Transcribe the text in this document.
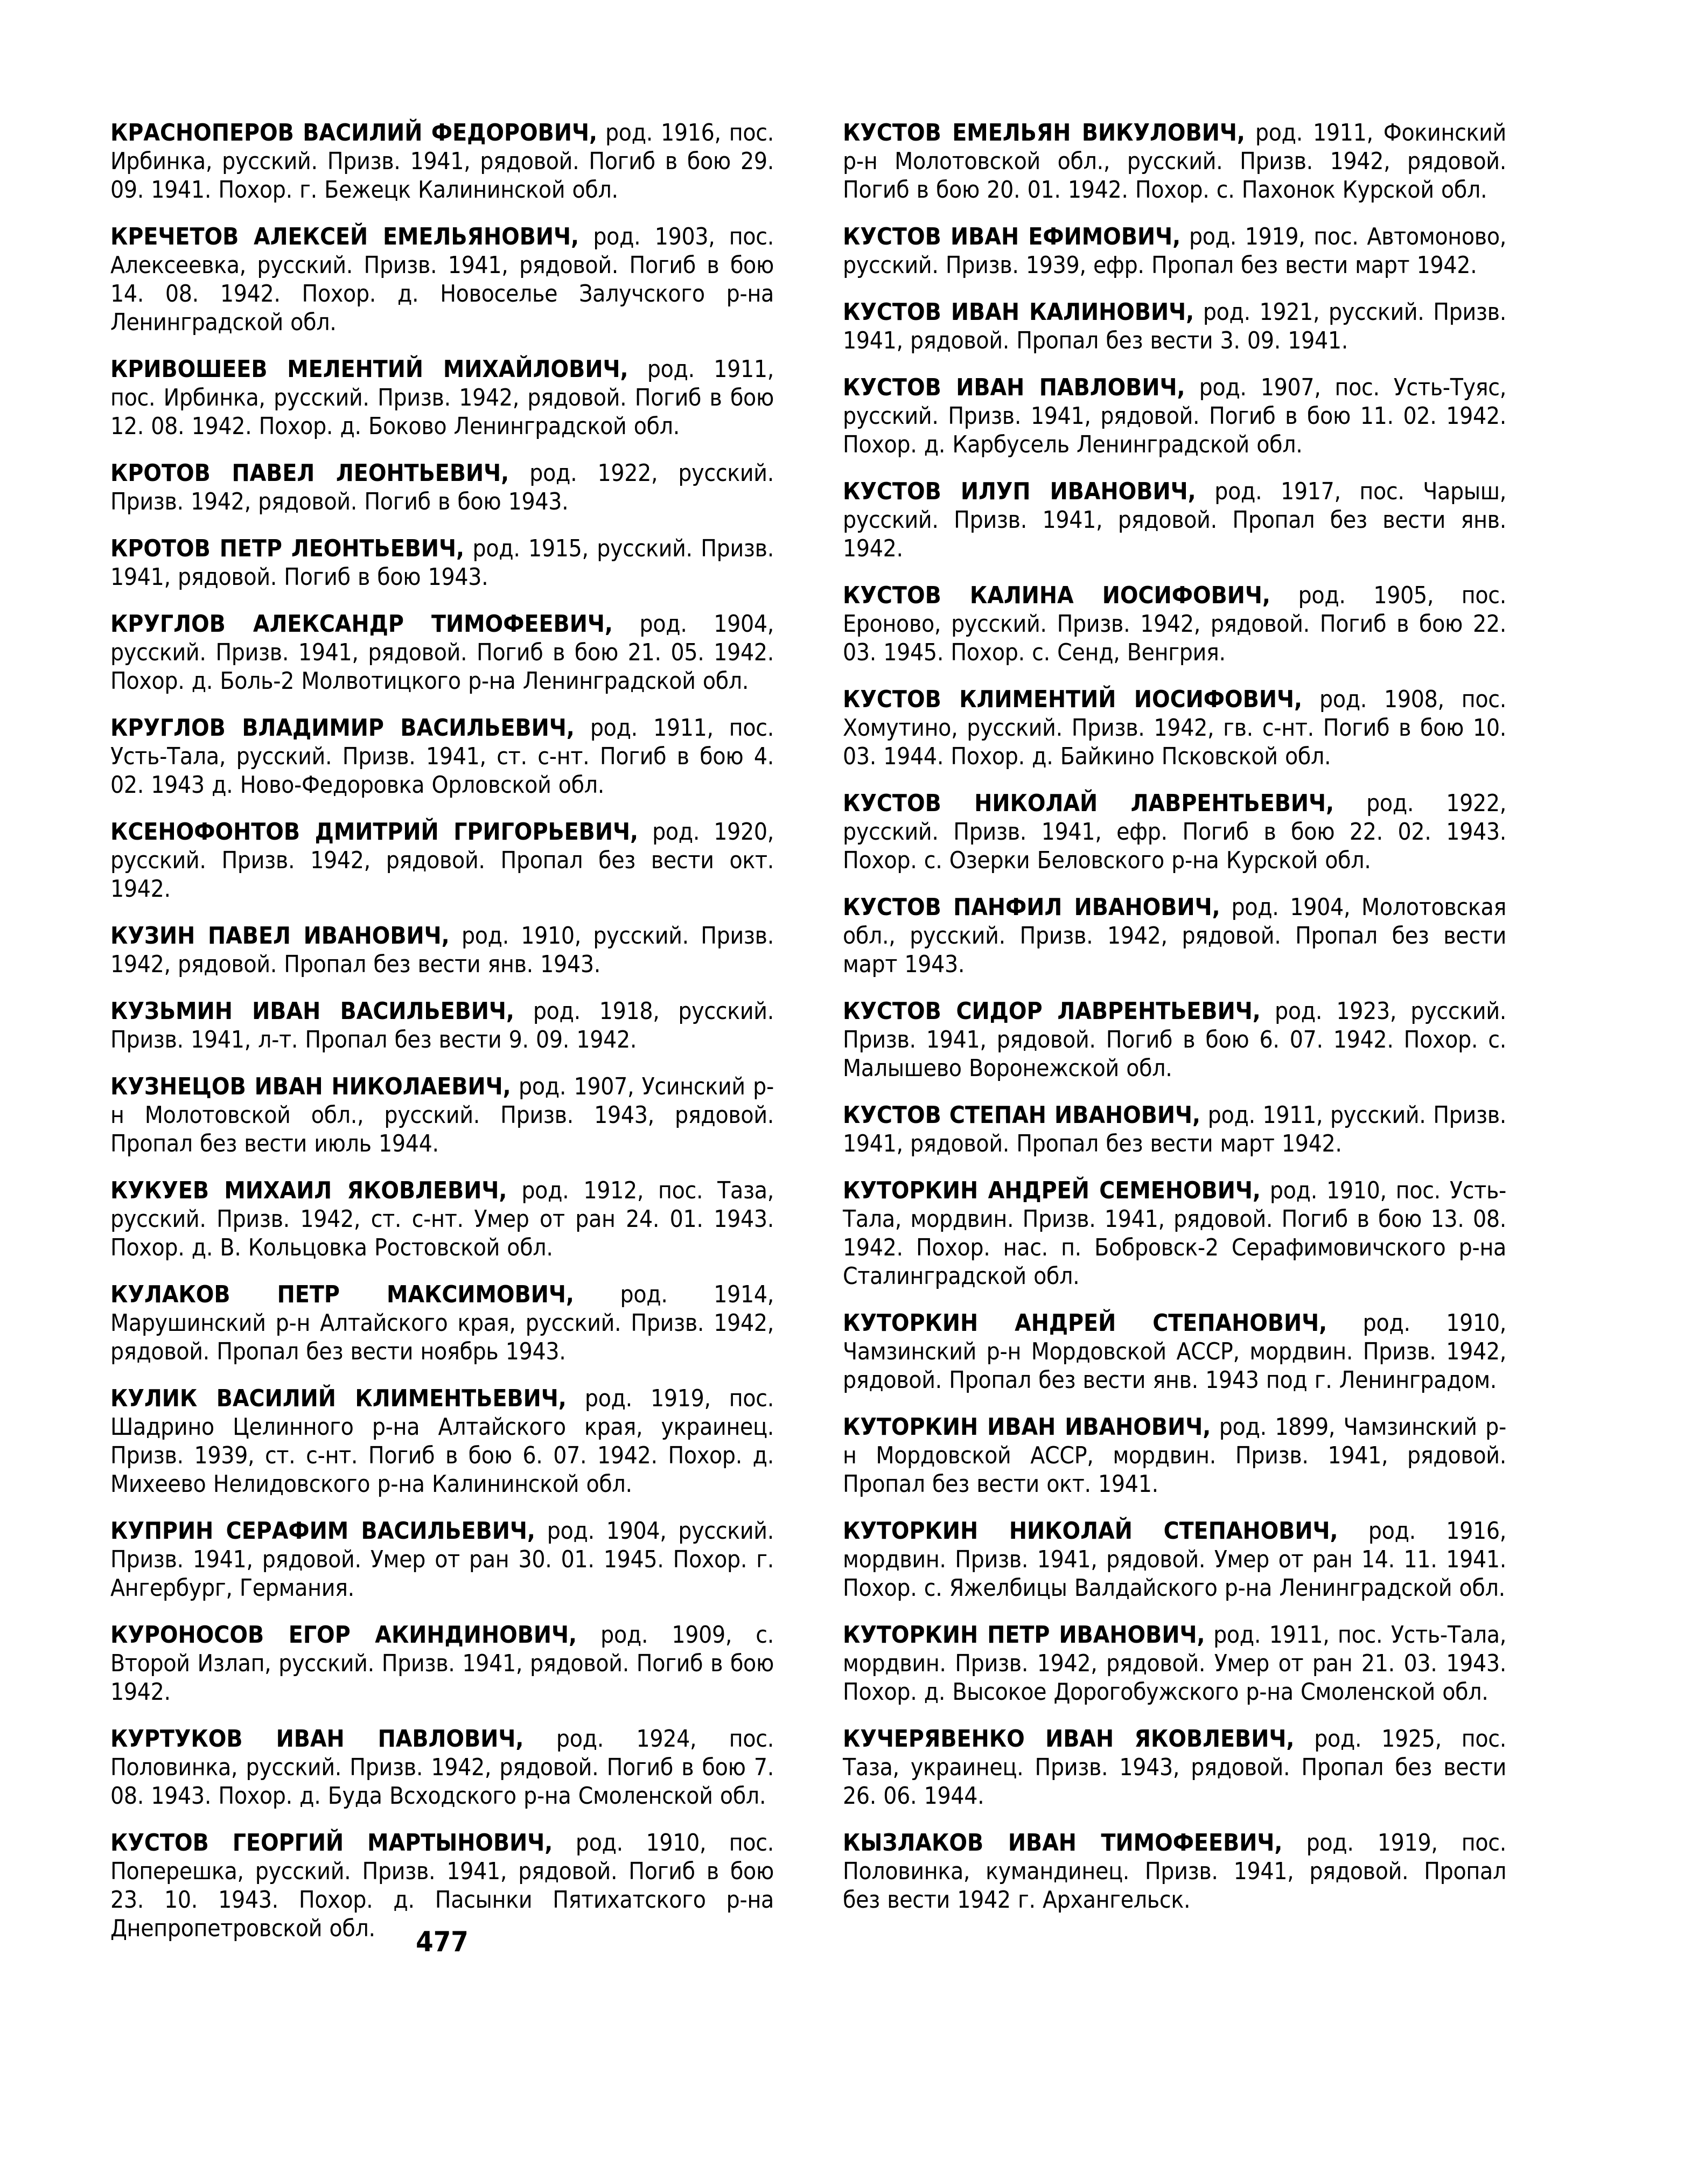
КРАСНОПЕРОВ ВАСИЛИЙ ФЕДОРОВИЧ, род. 1916, пос. Ирбинка, русский. Призв. 1941, рядовой. Погиб в бою 29. 09. 1941. Похор. г. Бежецк Калининской обл.

КРЕЧЕТОВ АЛЕКСЕЙ ЕМЕЛЬЯНОВИЧ, род. 1903, пос. Алексеевка, русский. Призв. 1941, рядовой. Погиб в бою 14. 08. 1942. Похор. д. Новоселье Залучского р-на Ленинградской обл.

КРИВОШЕЕВ МЕЛЕНТИЙ МИХАЙЛОВИЧ, род. 1911, пос. Ирбинка, русский. Призв. 1942, рядовой. Погиб в бою 12. 08. 1942. Похор. д. Боково Ленинградской обл.

КРОТОВ ПАВЕЛ ЛЕОНТЬЕВИЧ, род. 1922, русский. Призв. 1942, рядовой. Погиб в бою 1943.

КРОТОВ ПЕТР ЛЕОНТЬЕВИЧ, род. 1915, русский. Призв. 1941, рядовой. Погиб в бою 1943.

КРУГЛОВ АЛЕКСАНДР ТИМОФЕЕВИЧ, род. 1904, русский. Призв. 1941, рядовой. Погиб в бою 21. 05. 1942. Похор. д. Боль-2 Молвотицкого р-на Ленинградской обл.

КРУГЛОВ ВЛАДИМИР ВАСИЛЬЕВИЧ, род. 1911, пос. Усть-Тала, русский. Призв. 1941, ст. с-нт. Погиб в бою 4. 02. 1943 д. Ново-Федоровка Орловской обл.

КСЕНОФОНТОВ ДМИТРИЙ ГРИГОРЬЕВИЧ, род. 1920, русский. Призв. 1942, рядовой. Пропал без вести окт. 1942.

КУЗИН ПАВЕЛ ИВАНОВИЧ, род. 1910, русский. Призв. 1942, рядовой. Пропал без вести янв. 1943.

КУЗЬМИН ИВАН ВАСИЛЬЕВИЧ, род. 1918, русский. Призв. 1941, л-т. Пропал без вести 9. 09. 1942.

КУЗНЕЦОВ ИВАН НИКОЛАЕВИЧ, род. 1907, Усинский р-н Молотовской обл., русский. Призв. 1943, рядовой. Пропал без вести июль 1944.

КУКУЕВ МИХАИЛ ЯКОВЛЕВИЧ, род. 1912, пос. Таза, русский. Призв. 1942, ст. с-нт. Умер от ран 24. 01. 1943. Похор. д. В. Кольцовка Ростовской обл.

КУЛАКОВ ПЕТР МАКСИМОВИЧ, род. 1914, Марушинский р-н Алтайского края, русский. Призв. 1942, рядовой. Пропал без вести ноябрь 1943.

КУЛИК ВАСИЛИЙ КЛИМЕНТЬЕВИЧ, род. 1919, пос. Шадрино Целинного р-на Алтайского края, украинец. Призв. 1939, ст. с-нт. Погиб в бою 6. 07. 1942. Похор. д. Михеево Нелидовского р-на Калининской обл.

КУПРИН СЕРАФИМ ВАСИЛЬЕВИЧ, род. 1904, русский. Призв. 1941, рядовой. Умер от ран 30. 01. 1945. Похор. г. Ангербург, Германия.

КУРОНОСОВ ЕГОР АКИНДИНОВИЧ, род. 1909, с. Второй Излап, русский. Призв. 1941, рядовой. Погиб в бою 1942.

КУРТУКОВ ИВАН ПАВЛОВИЧ, род. 1924, пос. Половинка, русский. Призв. 1942, рядовой. Погиб в бою 7. 08. 1943. Похор. д. Буда Всходского р-на Смоленской обл.

КУСТОВ ГЕОРГИЙ МАРТЫНОВИЧ, род. 1910, пос. Поперешка, русский. Призв. 1941, рядовой. Погиб в бою 23. 10. 1943. Похор. д. Пасынки Пятихатского р-на Днепропетровской обл.

КУСТОВ ЕМЕЛЬЯН ВИКУЛОВИЧ, род. 1911, Фокинский р-н Молотовской обл., русский. Призв. 1942, рядовой. Погиб в бою 20. 01. 1942. Похор. с. Пахонок Курской обл.

КУСТОВ ИВАН ЕФИМОВИЧ, род. 1919, пос. Автомоново, русский. Призв. 1939, ефр. Пропал без вести март 1942.

КУСТОВ ИВАН КАЛИНОВИЧ, род. 1921, русский. Призв. 1941, рядовой. Пропал без вести 3. 09. 1941.

КУСТОВ ИВАН ПАВЛОВИЧ, род. 1907, пос. Усть-Туяс, русский. Призв. 1941, рядовой. Погиб в бою 11. 02. 1942. Похор. д. Карбусель Ленинградской обл.

КУСТОВ ИЛУП ИВАНОВИЧ, род. 1917, пос. Чарыш, русский. Призв. 1941, рядовой. Пропал без вести янв. 1942.

КУСТОВ КАЛИНА ИОСИФОВИЧ, род. 1905, пос. Ероново, русский. Призв. 1942, рядовой. Погиб в бою 22. 03. 1945. Похор. с. Сенд, Венгрия.

КУСТОВ КЛИМЕНТИЙ ИОСИФОВИЧ, род. 1908, пос. Хомутино, русский. Призв. 1942, гв. с-нт. Погиб в бою 10. 03. 1944. Похор. д. Байкино Псковской обл.

КУСТОВ НИКОЛАЙ ЛАВРЕНТЬЕВИЧ, род. 1922, русский. Призв. 1941, ефр. Погиб в бою 22. 02. 1943. Похор. с. Озерки Беловского р-на Курской обл.

КУСТОВ ПАНФИЛ ИВАНОВИЧ, род. 1904, Молотовская обл., русский. Призв. 1942, рядовой. Пропал без вести март 1943.

КУСТОВ СИДОР ЛАВРЕНТЬЕВИЧ, род. 1923, русский. Призв. 1941, рядовой. Погиб в бою 6. 07. 1942. Похор. с. Малышево Воронежской обл.

КУСТОВ СТЕПАН ИВАНОВИЧ, род. 1911, русский. Призв. 1941, рядовой. Пропал без вести март 1942.

КУТОРКИН АНДРЕЙ СЕМЕНОВИЧ, род. 1910, пос. Усть-Тала, мордвин. Призв. 1941, рядовой. Погиб в бою 13. 08. 1942. Похор. нас. п. Бобровск-2 Серафимовичского р-на Сталинградской обл.

КУТОРКИН АНДРЕЙ СТЕПАНОВИЧ, род. 1910, Чамзинский р-н Мордовской АССР, мордвин. Призв. 1942, рядовой. Пропал без вести янв. 1943 под г. Ленинградом.

КУТОРКИН ИВАН ИВАНОВИЧ, род. 1899, Чамзинский р-н Мордовской АССР, мордвин. Призв. 1941, рядовой. Пропал без вести окт. 1941.

КУТОРКИН НИКОЛАЙ СТЕПАНОВИЧ, род. 1916, мордвин. Призв. 1941, рядовой. Умер от ран 14. 11. 1941. Похор. с. Яжелбицы Валдайского р-на Ленинградской обл.

КУТОРКИН ПЕТР ИВАНОВИЧ, род. 1911, пос. Усть-Тала, мордвин. Призв. 1942, рядовой. Умер от ран 21. 03. 1943. Похор. д. Высокое Дорогобужского р-на Смоленской обл.

КУЧЕРЯВЕНКО ИВАН ЯКОВЛЕВИЧ, род. 1925, пос. Таза, украинец. Призв. 1943, рядовой. Пропал без вести 26. 06. 1944.

КЫЗЛАКОВ ИВАН ТИМОФЕЕВИЧ, род. 1919, пос. Половинка, кумандинец. Призв. 1941, рядовой. Пропал без вести 1942 г. Архангельск.

477
